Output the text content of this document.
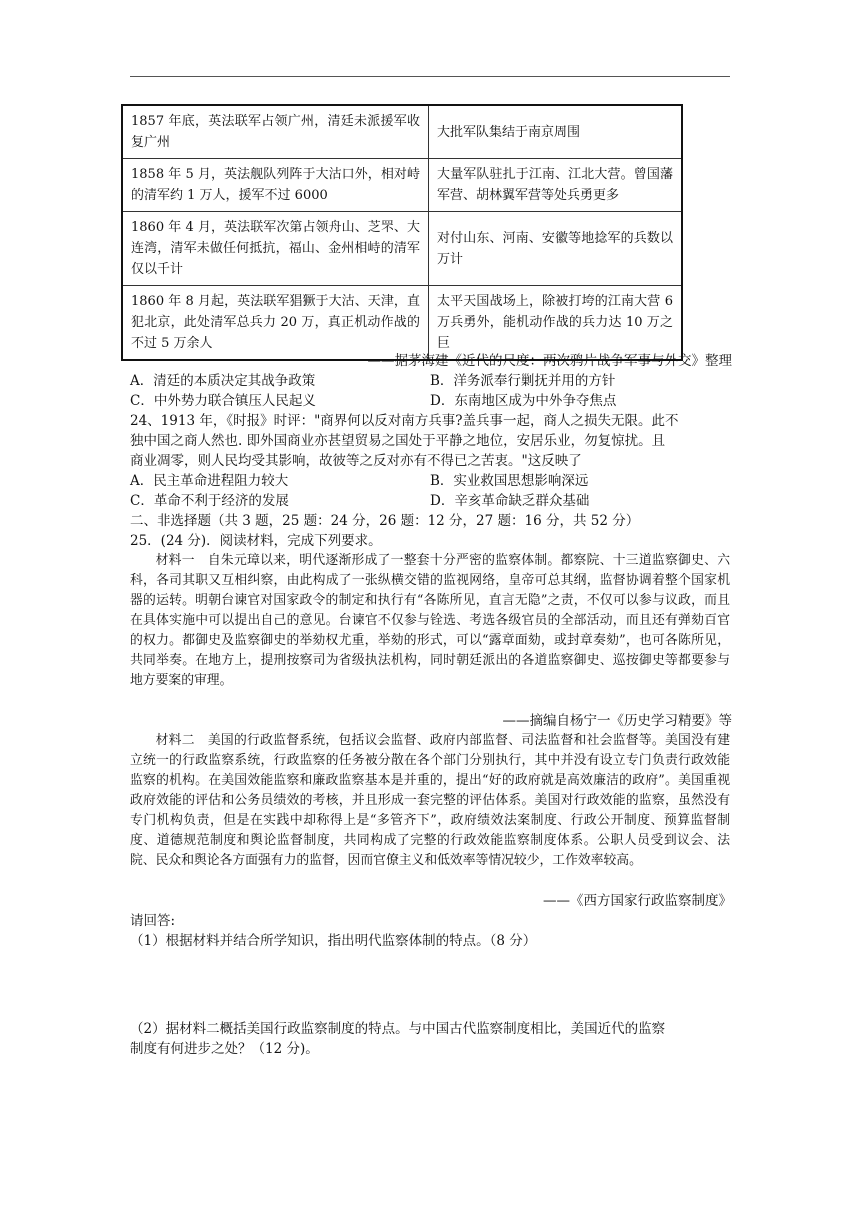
1857 年底，英法联军占领广州，清廷未派援军收复广州	大批军队集结于南京周围
1858 年 5 月，英法舰队列阵于大沽口外，相对峙的清军约 1 万人，援军不过 6000	大量军队驻扎于江南、江北大营。曾国藩军营、胡林翼军营等处兵勇更多
1860 年 4 月，英法联军次第占领舟山、芝罘、大连湾，清军未做任何抵抗，福山、金州相峙的清军仅以千计	对付山东、河南、安徽等地捻军的兵数以万计
1860 年 8 月起，英法联军猖獗于大沽、天津，直犯北京，此处清军总兵力 20 万，真正机动作战的不过 5 万余人	太平天国战场上，除被打垮的江南大营 6 万兵勇外，能机动作战的兵力达 10 万之巨
——据茅海建《近代的尺度：两次鸦片战争军事与外交》整理
A．清廷的本质决定其战争政策	B．洋务派奉行剿抚并用的方针
C．中外势力联合镇压人民起义	D．东南地区成为中外争夺焦点
24、1913 年，《时报》时评："商界何以反对南方兵事?盖兵事一起，商人之损失无限。此不
独中国之商人然也. 即外国商业亦甚望贸易之国处于平静之地位，安居乐业，勿复惊扰。且
商业凋零，则人民均受其影响，故彼等之反对亦有不得已之苦衷。"这反映了
A．民主革命进程阻力较大	B．实业救国思想影响深远
C．革命不利于经济的发展	D．辛亥革命缺乏群众基础
二、非选择题（共 3 题，25 题：24 分，26 题：12 分，27 题：16 分，共 52 分）
25．(24 分)．阅读材料，完成下列要求。

材料一　自朱元璋以来，明代逐渐形成了一整套十分严密的监察体制。都察院、十三道监察御史、六科，各司其职又互相纠察，由此构成了一张纵横交错的监视网络，皇帝可总其纲，监督协调着整个国家机器的运转。明朝台谏官对国家政令的制定和执行有“各陈所见，直言无隐”之责，不仅可以参与议政，而且在具体实施中可以提出自己的意见。台谏官不仅参与铨选、考选各级官员的全部活动，而且还有弹劾百官的权力。都御史及监察御史的举劾权尤重，举劾的形式，可以“露章面劾，或封章奏劾”，也可各陈所见，共同举奏。在地方上，提刑按察司为省级执法机构，同时朝廷派出的各道监察御史、巡按御史等都要参与地方要案的审理。

——摘编自杨宁一《历史学习精要》等

材料二　美国的行政监督系统，包括议会监督、政府内部监督、司法监督和社会监督等。美国没有建立统一的行政监察系统，行政监察的任务被分散在各个部门分别执行，其中并没有设立专门负责行政效能监察的机构。在美国效能监察和廉政监察基本是并重的，提出“好的政府就是高效廉洁的政府”。美国重视政府效能的评估和公务员绩效的考核，并且形成一套完整的评估体系。美国对行政效能的监察，虽然没有专门机构负责，但是在实践中却称得上是“多管齐下”，政府绩效法案制度、行政公开制度、预算监督制度、道德规范制度和舆论监督制度，共同构成了完整的行政效能监察制度体系。公职人员受到议会、法院、民众和舆论各方面强有力的监督，因而官僚主义和低效率等情况较少，工作效率较高。

——《西方国家行政监察制度》
请回答:
（1）根据材料并结合所学知识，指出明代监察体制的特点。（8 分）
（2）据材料二概括美国行政监察制度的特点。与中国古代监察制度相比，美国近代的监察
制度有何进步之处？（12 分)。
